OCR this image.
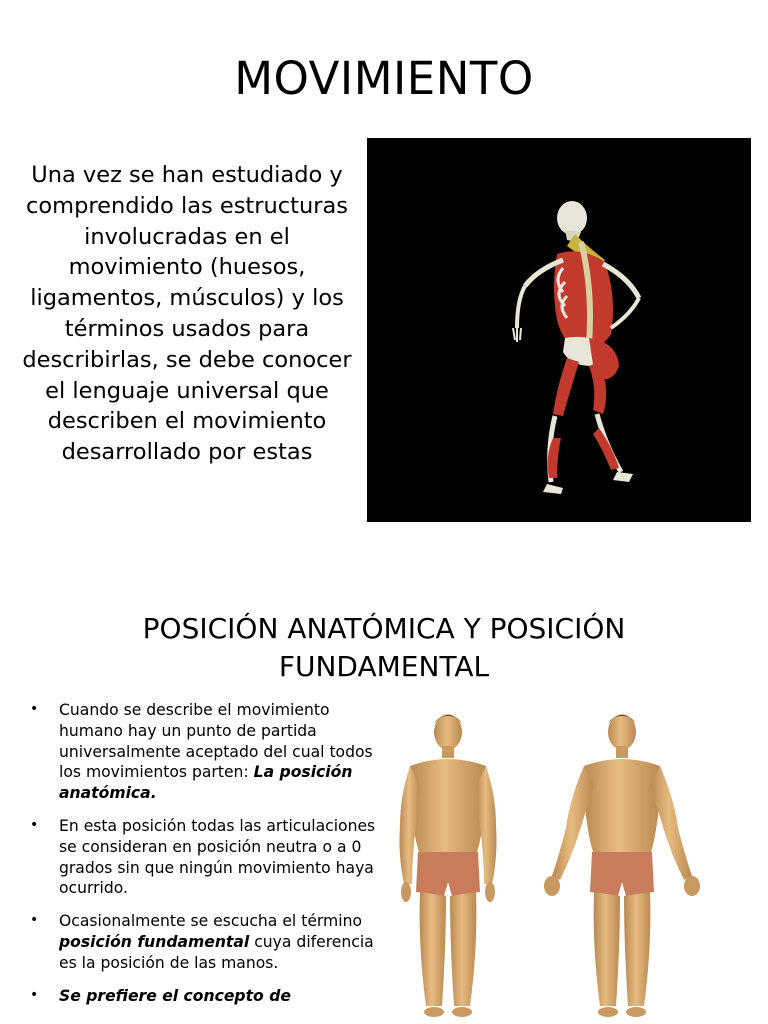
MOVIMIENTO

Una vez se han estudiado y comprendido las estructuras involucradas en el movimiento (huesos, ligamentos, músculos) y los términos usados para describirlas, se debe conocer el lenguaje universal que describen el movimiento desarrollado por estas

POSICIÓN ANATÓMICA Y POSICIÓN
FUNDAMENTAL
• Cuando se describe el movimiento humano hay un punto de partida universalmente aceptado del cual todos los movimientos parten: La posición anatómica.
• En esta posición todas las articulaciones se consideran en posición neutra o a 0 grados sin que ningún movimiento haya ocurrido.
• Ocasionalmente se escucha el término posición fundamental cuya diferencia es la posición de las manos.
• Se prefiere el concepto de
